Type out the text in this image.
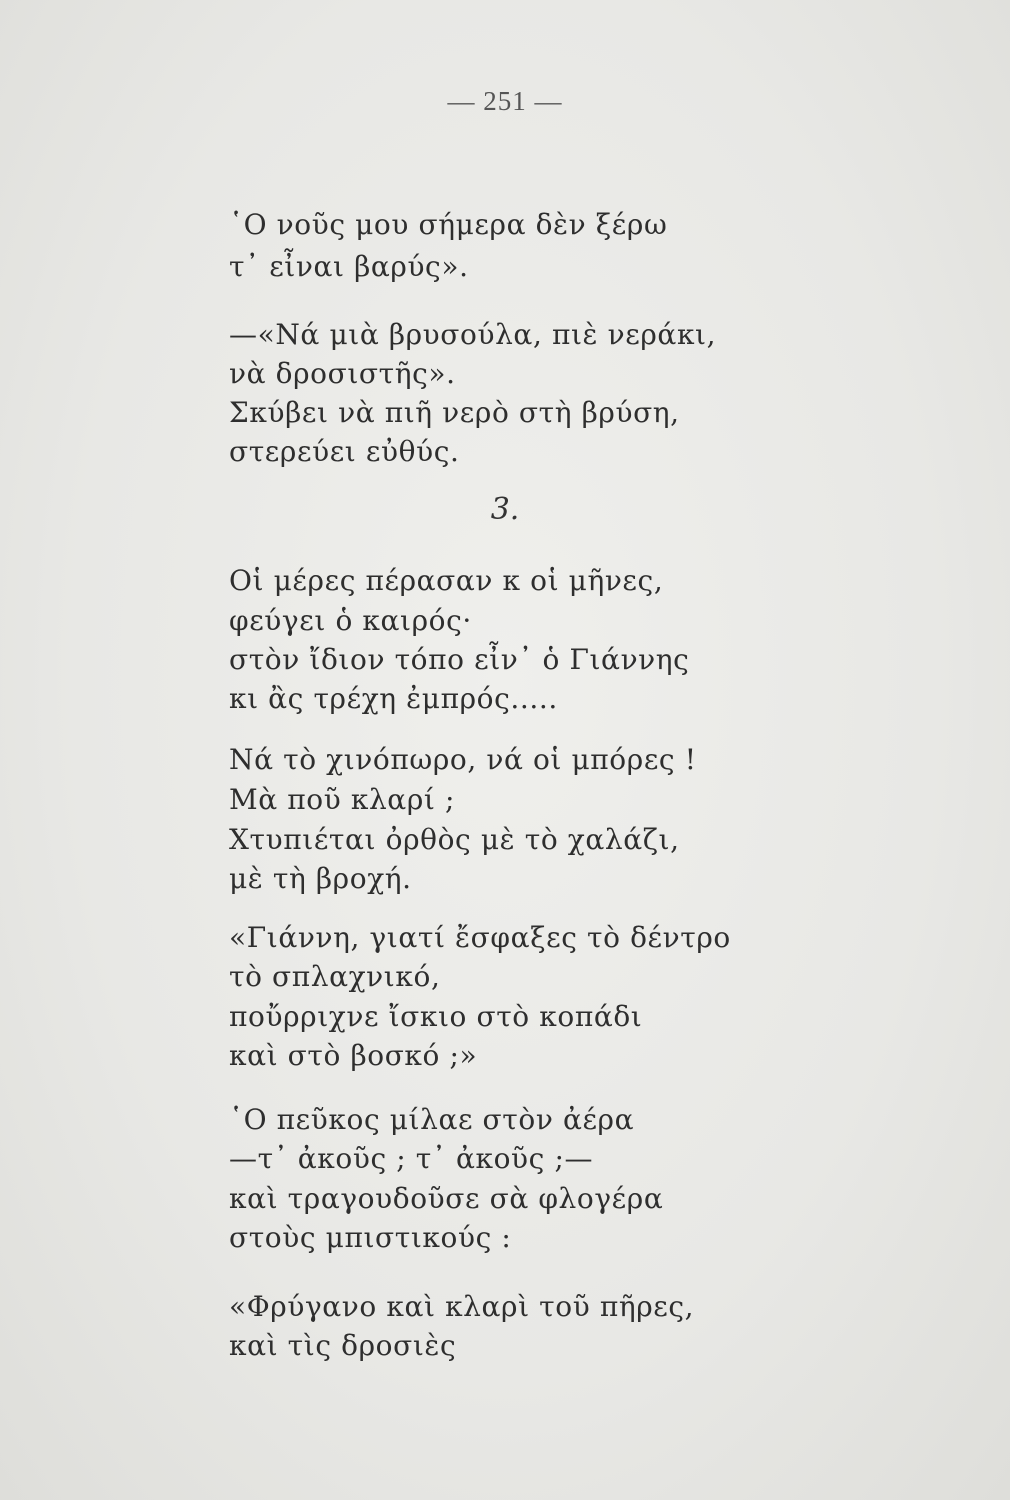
— 251 —
῾Ο νοῦς μου σήμερα δὲν ξέρω
τ᾽ εἶναι βαρύς».
—«Νά μιὰ βρυσούλα, πιὲ νεράκι,
νὰ δροσιστῆς».
Σκύβει νὰ πιῆ νερὸ στὴ βρύση,
στερεύει εὐθύς.
3.
Οἱ μέρες πέρασαν κ οἱ μῆνες,
φεύγει ὁ καιρός·
στὸν ἴδιον τόπο εἶν᾽ ὁ Γιάννης
κι ἂς τρέχη ἐμπρός.....
Νά τὸ χινόπωρο, νά οἱ μπόρες !
Μὰ ποῦ κλαρί ;
Χτυπιέται ὀρθὸς μὲ τὸ χαλάζι,
μὲ τὴ βροχή.
«Γιάννη, γιατί ἔσφαξες τὸ δέντρο
τὸ σπλαχνικό,
ποὔρριχνε ἴσκιο στὸ κοπάδι
καὶ στὸ βοσκό ;»
῾Ο πεῦκος μίλαε στὸν ἀέρα
—τ᾽ ἀκοῦς ; τ᾽ ἀκοῦς ;—
καὶ τραγουδοῦσε σὰ φλογέρα
στοὺς μπιστικούς :
«Φρύγανο καὶ κλαρὶ τοῦ πῆρες,
καὶ τὶς δροσιὲς
